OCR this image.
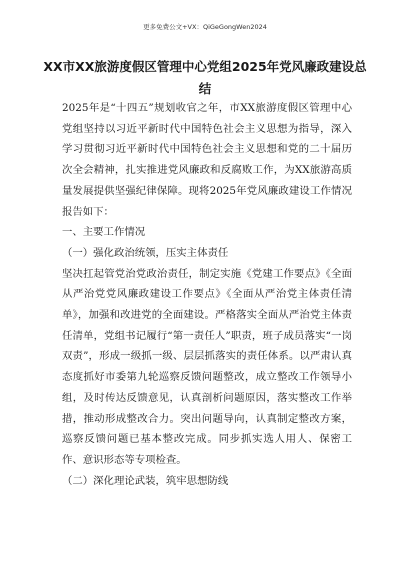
更多免费公文+VX：QiGeGongWen2024
XX市XX旅游度假区管理中心党组2025年党风廉政建设总结

2025年是“十四五”规划收官之年，市XX旅游度假区管理中心党组坚持以习近平新时代中国特色社会主义思想为指导，深入学习贯彻习近平新时代中国特色社会主义思想和党的二十届历次全会精神，扎实推进党风廉政和反腐败工作，为XX旅游高质量发展提供坚强纪律保障。现将2025年党风廉政建设工作情况报告如下：

一、主要工作情况

（一）强化政治统领，压实主体责任

坚决扛起管党治党政治责任，制定实施《党建工作要点》《全面从严治党党风廉政建设工作要点》《全面从严治党主体责任清单》，加强和改进党的全面建设。严格落实全面从严治党主体责任清单，党组书记履行“第一责任人”职责，班子成员落实“一岗双责”，形成一级抓一级、层层抓落实的责任体系。以严肃认真态度抓好市委第九轮巡察反馈问题整改，成立整改工作领导小组，及时传达反馈意见，认真剖析问题原因，落实整改工作举措，推动形成整改合力。突出问题导向，认真制定整改方案，巡察反馈问题已基本整改完成。同步抓实选人用人、保密工作、意识形态等专项检查。

（二）深化理论武装，筑牢思想防线
